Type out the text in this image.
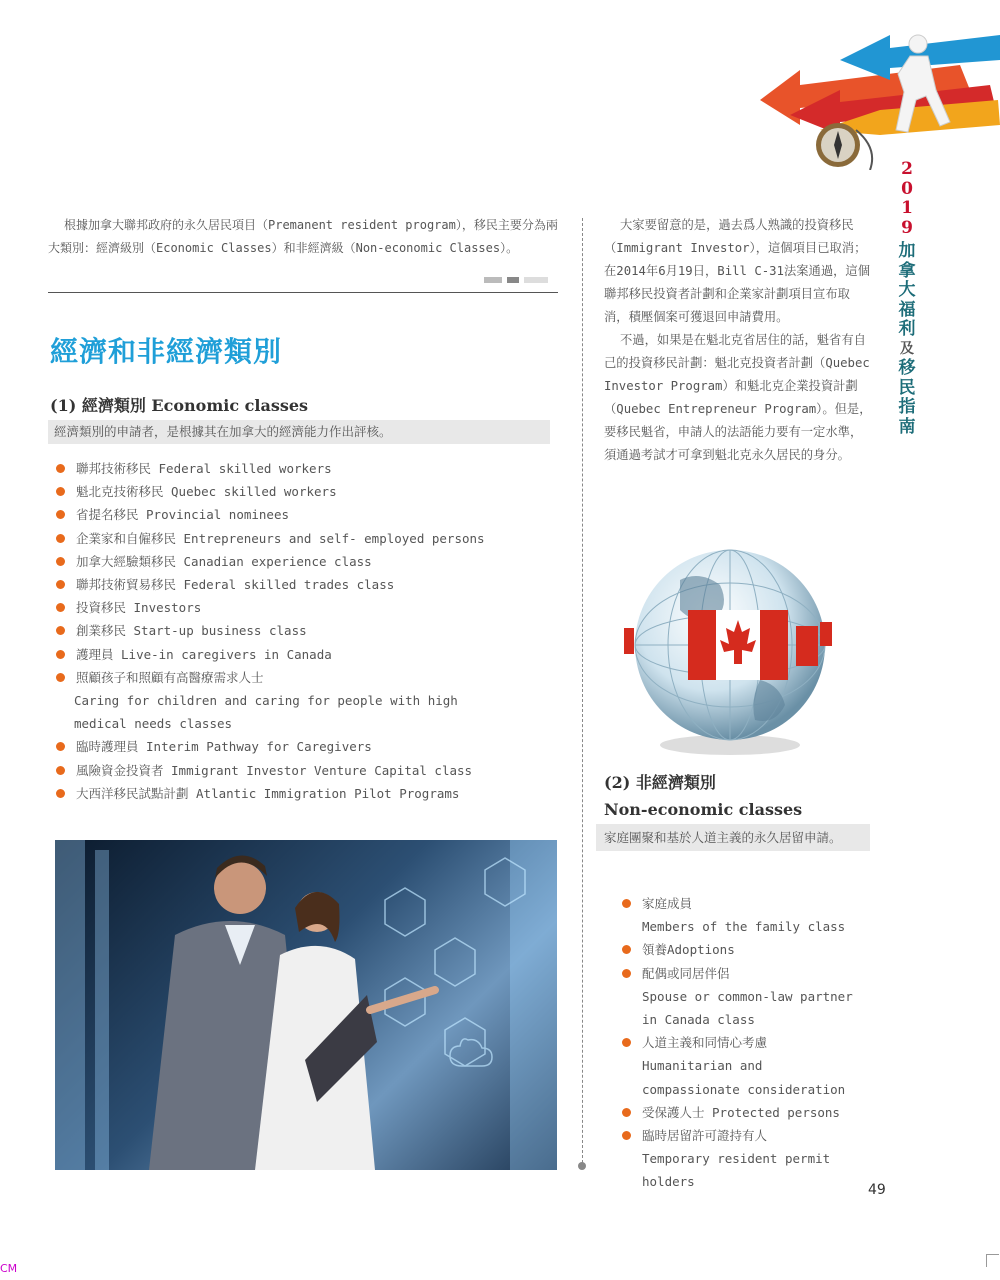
2
0
1
9
加
拿
大
福
利
及
移
民
指
南

根據加拿大聯邦政府的永久居民項目（Premanent resident program），移民主要分為兩大類別：經濟級別（Economic Classes）和非經濟級（Non-economic Classes）。

經濟和非經濟類別
(1) 經濟類別 Economic classes
經濟類別的申請者，是根據其在加拿大的經濟能力作出評核。
聯邦技術移民 Federal skilled workers
魁北克技術移民 Quebec skilled workers
省提名移民 Provincial nominees
企業家和自僱移民 Entrepreneurs and self- employed persons
加拿大經驗類移民 Canadian experience class
聯邦技術貿易移民 Federal skilled trades class
投資移民 Investors
創業移民 Start-up business class
護理員 Live-in caregivers in Canada
照顧孩子和照顧有高醫療需求人士
Caring for children and caring for people with high medical needs classes
臨時護理員 Interim Pathway for Caregivers
風險資金投資者 Immigrant Investor Venture Capital class
大西洋移民試點計劃 Atlantic Immigration Pilot Programs

大家要留意的是，過去爲人熟識的投資移民（Immigrant Investor），這個項目已取消；在2014年6月19日，Bill C-31法案通過，這個聯邦移民投資者計劃和企業家計劃項目宣布取消，積壓個案可獲退回申請費用。

不過，如果是在魁北克省居住的話，魁省有自己的投資移民計劃：魁北克投資者計劃（Quebec Investor Program）和魁北克企業投資計劃（Quebec Entrepreneur Program）。但是，要移民魁省，申請人的法語能力要有一定水準，須通過考試才可拿到魁北克永久居民的身分。

(2) 非經濟類別
Non-economic classes
家庭團聚和基於人道主義的永久居留申請。
家庭成員
Members of the family class
領養Adoptions
配偶或同居伴侶
Spouse or common-law partner in Canada class
人道主義和同情心考慮
Humanitarian and compassionate consideration
受保護人士 Protected persons
臨時居留許可證持有人
Temporary resident permit holders
49
CM
